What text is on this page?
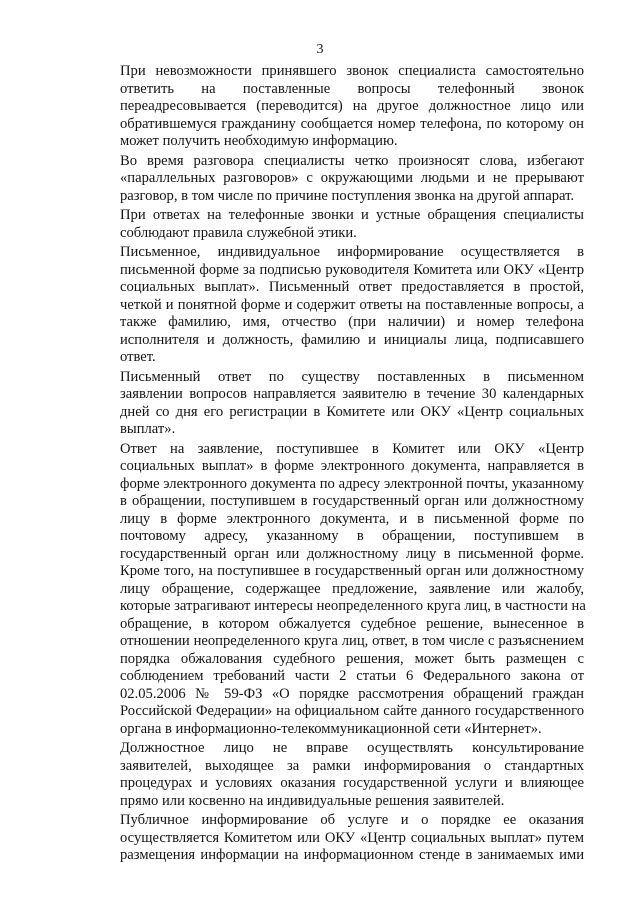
3
При невозможности принявшего звонок специалиста самостоятельно
ответить на поставленные вопросы телефонный звонок
переадресовывается (переводится) на другое должностное лицо или
обратившемуся гражданину сообщается номер телефона, по которому он
может получить необходимую информацию.
Во время разговора специалисты четко произносят слова, избегают
«параллельных разговоров» с окружающими людьми и не прерывают
разговор, в том числе по причине поступления звонка на другой аппарат.
При ответах на телефонные звонки и устные обращения специалисты
соблюдают правила служебной этики.
Письменное, индивидуальное информирование осуществляется в
письменной форме за подписью руководителя Комитета или ОКУ «Центр
социальных выплат». Письменный ответ предоставляется в простой,
четкой и понятной форме и содержит ответы на поставленные вопросы, а
также фамилию, имя, отчество (при наличии) и номер телефона
исполнителя и должность, фамилию и инициалы лица, подписавшего
ответ.
Письменный ответ по существу поставленных в письменном
заявлении вопросов направляется заявителю в течение 30 календарных
дней со дня его регистрации в Комитете или ОКУ «Центр социальных
выплат».
Ответ на заявление, поступившее в Комитет или ОКУ «Центр
социальных выплат» в форме электронного документа, направляется в
форме электронного документа по адресу электронной почты, указанному
в обращении, поступившем в государственный орган или должностному
лицу в форме электронного документа, и в письменной форме по
почтовому адресу, указанному в обращении, поступившем в
государственный орган или должностному лицу в письменной форме.
Кроме того, на поступившее в государственный орган или должностному
лицу обращение, содержащее предложение, заявление или жалобу,
которые затрагивают интересы неопределенного круга лиц, в частности на
обращение, в котором обжалуется судебное решение, вынесенное в
отношении неопределенного круга лиц, ответ, в том числе с разъяснением
порядка обжалования судебного решения, может быть размещен с
соблюдением требований части 2 статьи 6 Федерального закона от
02.05.2006 № 59-ФЗ «О порядке рассмотрения обращений граждан
Российской Федерации» на официальном сайте данного государственного
органа в информационно-телекоммуникационной сети «Интернет».
Должностное лицо не вправе осуществлять консультирование
заявителей, выходящее за рамки информирования о стандартных
процедурах и условиях оказания государственной услуги и влияющее
прямо или косвенно на индивидуальные решения заявителей.
Публичное информирование об услуге и о порядке ее оказания
осуществляется Комитетом или ОКУ «Центр социальных выплат» путем
размещения информации на информационном стенде в занимаемых ими
